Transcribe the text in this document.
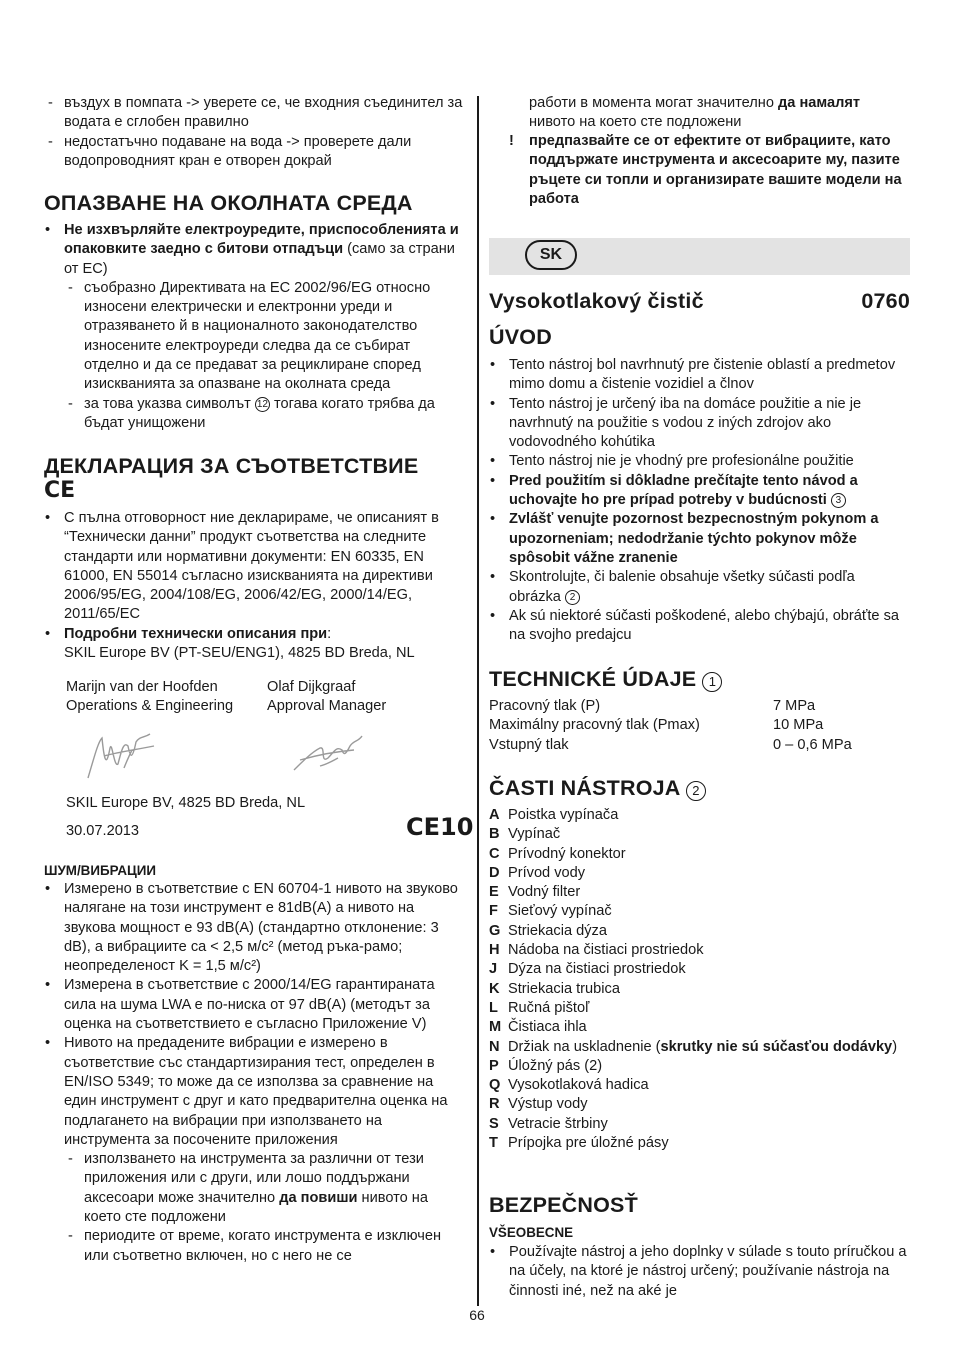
- въздух в помпата -> уверете се, че входния съединител за водата е сглобен правилно
- недостатъчно подаване на вода -> проверете дали водопроводният кран е отворен докрай
ОПАЗВАНЕ НА ОКОЛНАТА СРЕДА
• Не изхвърляйте електроуредите, приспособленията и опаковките заедно с битови отпадъци (само за страни от ЕС)
- съобразно Директивата на ЕС 2002/96/EG относно износени електрически и електронни уреди и отразяването й в националното законодателство износените електроуреди следва да се събират отделно и да се предават за рециклиране според изискванията за опазване на околната среда
- за това указва символът 12 тогава когато трябва да бъдат унищожени
ДЕКЛАРАЦИЯ ЗА СЪОТВЕТСТВИЕ
CE
• С пълна отговорност ние декларираме, че описаният в “Технически данни” продукт съответства на следните стандарти или нормативни документи: EN 60335, EN 61000, EN 55014 съгласно изискванията на директиви 2006/95/EG, 2004/108/EG, 2006/42/EG, 2000/14/EG, 2011/65/EC
• Подробни технически описания при:
SKIL Europe BV (PT-SEU/ENG1), 4825 BD Breda, NL
Marijn van der Hoofden
Operations & Engineering
Olaf Dijkgraaf
Approval Manager
SKIL Europe BV, 4825 BD Breda, NL
30.07.2013	CE10
ШУМ/ВИБРАЦИИ
• Измерено в съответствие с EN 60704-1 нивото на звуково налягане на този инструмент е 81dB(A) а нивото на звукова мощност е 93 dB(A) (стандартно отклонение: 3 dB), а вибрациите са < 2,5 м/с² (метод ръка-рамо; неопределеност K = 1,5 м/с²)
• Измерена в съответствие с 2000/14/EG гарантираната сила на шума LWA е по-ниска от 97 dB(A) (методът за оценка на съответствието е съгласно Приложение V)
• Нивото на предадените вибрации е измерено в съответствие със стандартизирания тест, определен в EN/ISO 5349; то може да се използва за сравнение на един инструмент с друг и като предварителна оценка на подлагането на вибрации при използването на инструмента за посочените приложения
- използването на инструмента за различни от тези приложения или с други, или лошо поддържани аксесоари може значително да повиши нивото на което сте подложени
- периодите от време, когато инструмента е изключен или съответно включен, но с него не се
работи в момента могат значително да намалят нивото на което сте подложени
!	предпазвайте се от ефектите от вибрациите, като поддържате инструмента и аксесоарите му, пазите ръцете си топли и организирате вашите модели на работа
SK
Vysokotlakový čistič	0760
ÚVOD
• Tento nástroj bol navrhnutý pre čistenie oblastí a predmetov mimo domu a čistenie vozidiel a člnov
• Tento nástroj je určený iba na domáce použitie a nie je navrhnutý na použitie s vodou z iných zdrojov ako vodovodného kohútika
• Tento nástroj nie je vhodný pre profesionálne použitie
• Pred použitím si dôkladne prečítajte tento návod a uchovajte ho pre prípad potreby v budúcnosti 3
• Zvlášť venujte pozornost bezpecnostným pokynom a upozorneniam; nedodržanie týchto pokynov môže spôsobit vážne zranenie
• Skontrolujte, či balenie obsahuje všetky súčasti podľa obrázka 2
• Ak sú niektoré súčasti poškodené, alebo chýbajú, obráťte sa na svojho predajcu
TECHNICKÉ ÚDAJE 1
Pracovný tlak (P)	7 MPa
Maximálny pracovný tlak (Pmax)	10 MPa
Vstupný tlak	0 – 0,6 MPa
ČASTI NÁSTROJA 2
A Poistka vypínača
B Vypínač
C Prívodný konektor
D Prívod vody
E Vodný filter
F Sieťový vypínač
G Striekacia dýza
H Nádoba na čistiaci prostriedok
J Dýza na čistiaci prostriedok
K Striekacia trubica
L Ručná pištoľ
M Čistiaca ihla
N Držiak na uskladnenie (skrutky nie sú súčasťou dodávky)
P Úložný pás (2)
Q Vysokotlaková hadica
R Výstup vody
S Vetracie štrbiny
T Prípojka pre úložné pásy
BEZPEČNOSŤ
VŠEOBECNE
• Používajte nástroj a jeho doplnky v súlade s touto príručkou a na účely, na ktoré je nástroj určený; používanie nástroja na činnosti iné, než na aké je
66
